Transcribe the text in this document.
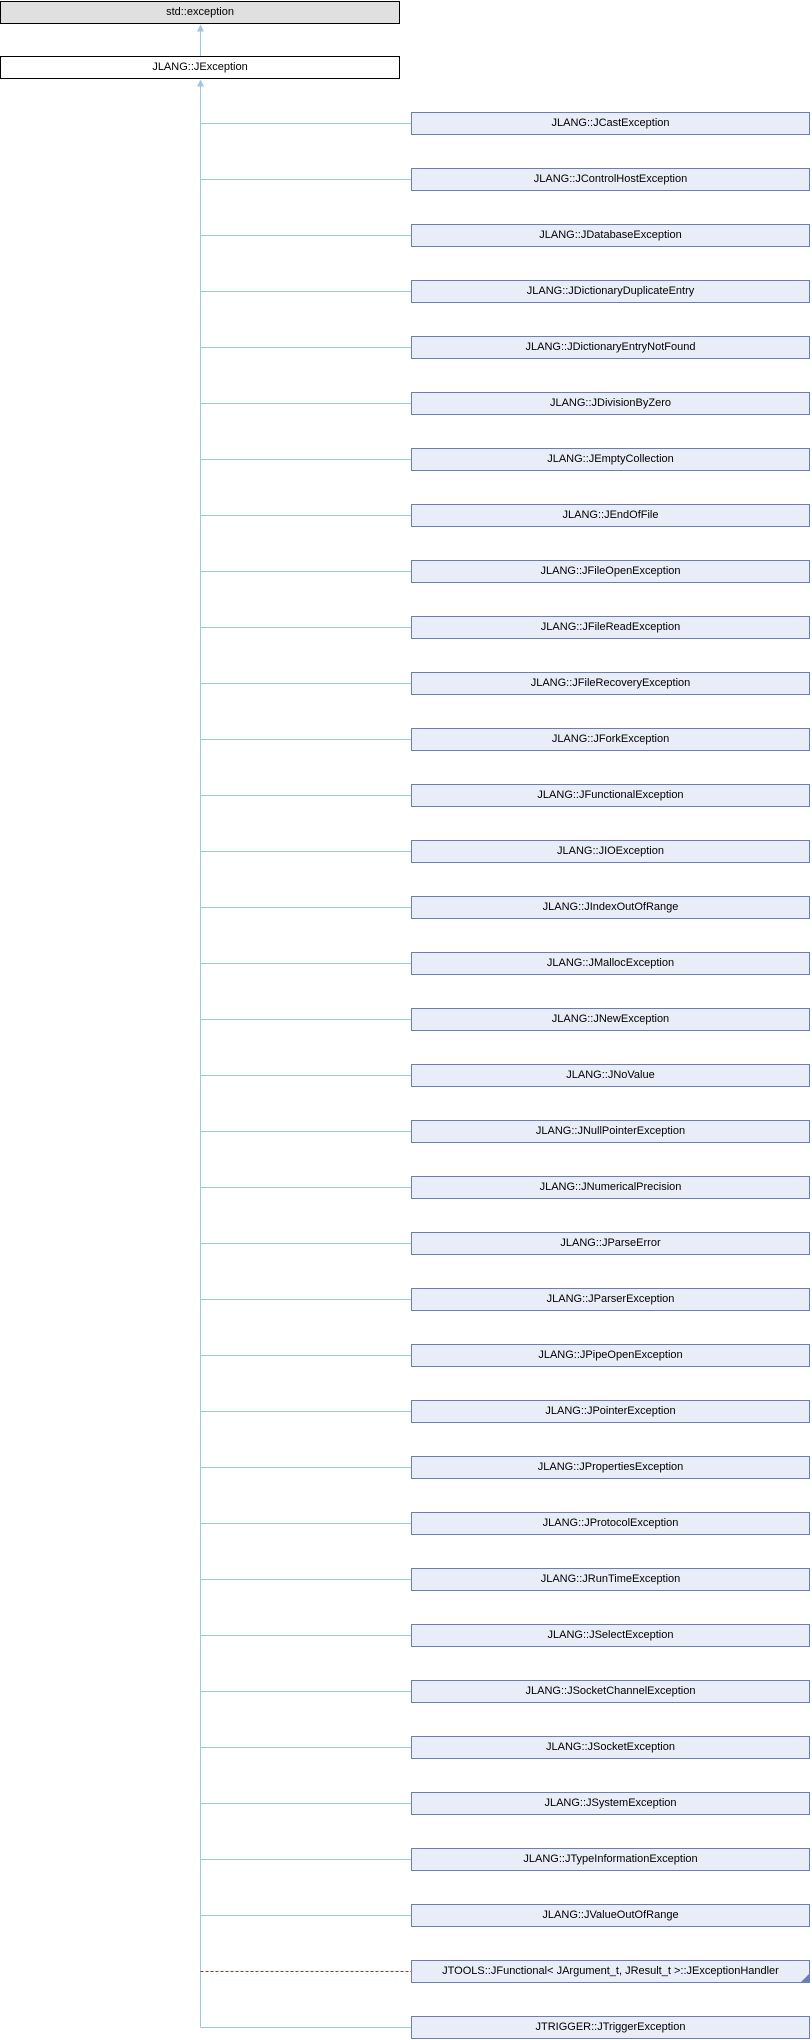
std::exception
JLANG::JException
JLANG::JCastException
JLANG::JControlHostException
JLANG::JDatabaseException
JLANG::JDictionaryDuplicateEntry
JLANG::JDictionaryEntryNotFound
JLANG::JDivisionByZero
JLANG::JEmptyCollection
JLANG::JEndOfFile
JLANG::JFileOpenException
JLANG::JFileReadException
JLANG::JFileRecoveryException
JLANG::JForkException
JLANG::JFunctionalException
JLANG::JIOException
JLANG::JIndexOutOfRange
JLANG::JMallocException
JLANG::JNewException
JLANG::JNoValue
JLANG::JNullPointerException
JLANG::JNumericalPrecision
JLANG::JParseError
JLANG::JParserException
JLANG::JPipeOpenException
JLANG::JPointerException
JLANG::JPropertiesException
JLANG::JProtocolException
JLANG::JRunTimeException
JLANG::JSelectException
JLANG::JSocketChannelException
JLANG::JSocketException
JLANG::JSystemException
JLANG::JTypeInformationException
JLANG::JValueOutOfRange
JTOOLS::JFunctional< JArgument_t, JResult_t >::JExceptionHandler
JTRIGGER::JTriggerException
